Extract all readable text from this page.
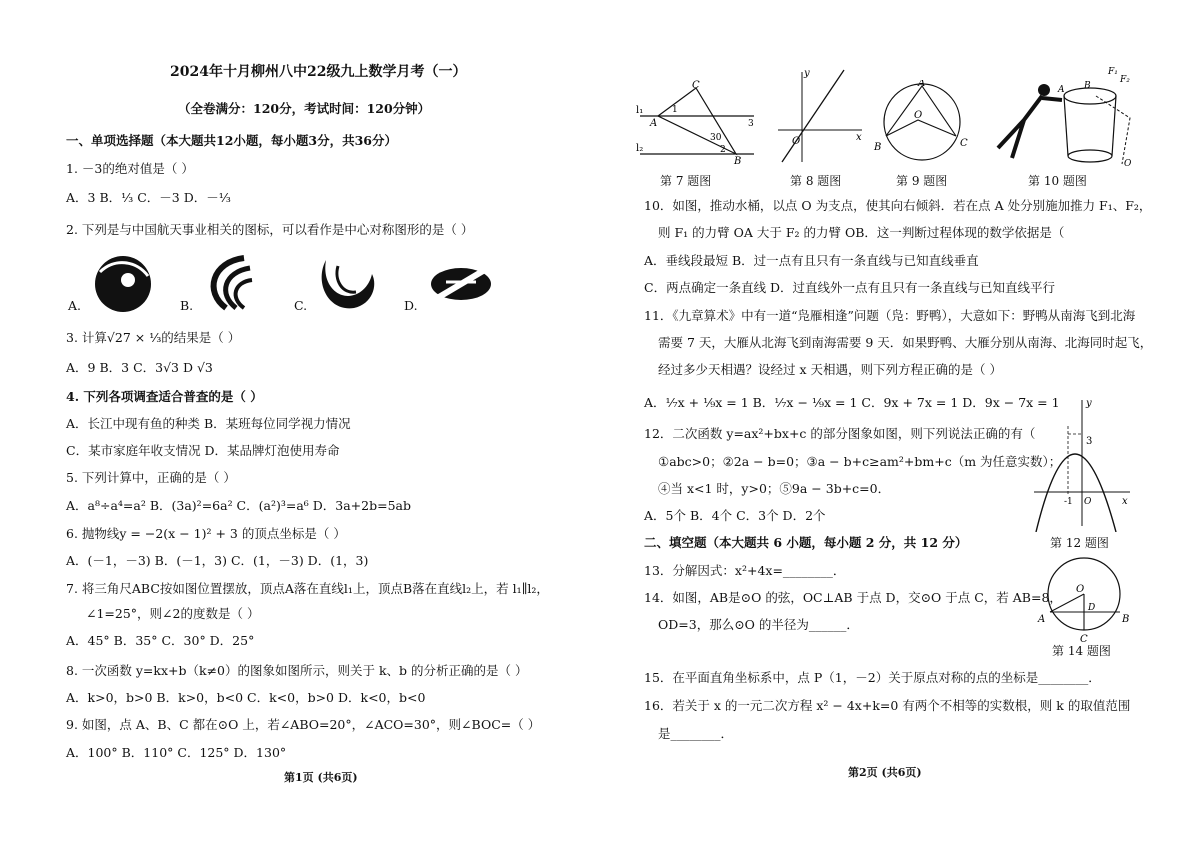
2024年十月柳州八中22级九上数学月考（一）
（全卷满分：120分，考试时间：120分钟）
一、单项选择题（本大题共12小题，每小题3分，共36分）
1. －3的绝对值是（ ）
A．3 B．⅓ C．－3 D．－⅓
2. 下列是与中国航天事业相关的图标，可以看作是中心对称图形的是（ ）
A.	B.	C.	D.
3. 计算√27 × ⅓的结果是（ ）
A．9 B．3 C．3√3 D √3
4. 下列各项调查适合普查的是（ ）
A．长江中现有鱼的种类 B．某班每位同学视力情况
C．某市家庭年收支情况 D．某品牌灯泡使用寿命
5. 下列计算中，正确的是（ ）
A．a⁸÷a⁴=a² B．(3a)²=6a² C．(a²)³=a⁶ D．3a+2b=5ab
6. 抛物线y = −2(x − 1)² + 3 的顶点坐标是（ ）
A．(－1，－3) B．(－1，3) C．(1，－3) D．(1，3)
7. 将三角尺ABC按如图位置摆放，顶点A落在直线l₁上，顶点B落在直线l₂上，若 l₁∥l₂，
∠1=25°，则∠2的度数是（ ）
A．45° B．35° C．30° D．25°
8. 一次函数 y=kx+b（k≠0）的图象如图所示，则关于 k、b 的分析正确的是（ ）
A．k>0，b>0 B．k>0，b<0 C．k<0，b>0 D．k<0，b<0
9. 如图，点 A、B、C 都在⊙O 上，若∠ABO=20°，∠ACO=30°，则∠BOC=（ ）
A．100° B．110° C．125° D．130°
第1页 (共6页)
l₁
l₂
A
B
C
1
2
3
30
y
x
O
A
B	C
O
F₁
F₂
A B
O
第 7 题图	第 8 题图	第 9 题图	第 10 题图
10．如图，推动水桶，以点 O 为支点，使其向右倾斜．若在点 A 处分别施加推力 F₁、F₂，
则 F₁ 的力臂 OA 大于 F₂ 的力臂 OB．这一判断过程体现的数学依据是（
A．垂线段最短 B．过一点有且只有一条直线与已知直线垂直
C．两点确定一条直线 D．过直线外一点有且只有一条直线与已知直线平行
11．《九章算术》中有一道“凫雁相逢”问题（凫：野鸭），大意如下：野鸭从南海飞到北海
需要 7 天，大雁从北海飞到南海需要 9 天．如果野鸭、大雁分别从南海、北海同时起飞，
经过多少天相遇？设经过 x 天相遇，则下列方程正确的是（ ）
A．⅐x + ⅑x = 1 B．⅐x − ⅑x = 1 C．9x + 7x = 1 D．9x − 7x = 1
12．二次函数 y=ax²+bx+c 的部分图象如图，则下列说法正确的有（
①abc>0；②2a − b=0；③a − b+c≥am²+bm+c（m 为任意实数）；
④当 x<1 时，y>0；⑤9a − 3b+c=0．
A．5个 B．4个 C．3个 D．2个
y
x
3
-1 O
第 12 题图
二、填空题（本大题共 6 小题，每小题 2 分，共 12 分）
13．分解因式：x²+4x=________．
14．如图，AB是⊙O 的弦，OC⊥AB 于点 D，交⊙O 于点 C，若 AB=8，
OD=3，那么⊙O 的半径为______．	A	B
C
D
O
第 14 题图
15．在平面直角坐标系中，点 P（1，－2）关于原点对称的点的坐标是________．
16．若关于 x 的一元二次方程 x² − 4x+k=0 有两个不相等的实数根，则 k 的取值范围
是________．
第2页 (共6页)
